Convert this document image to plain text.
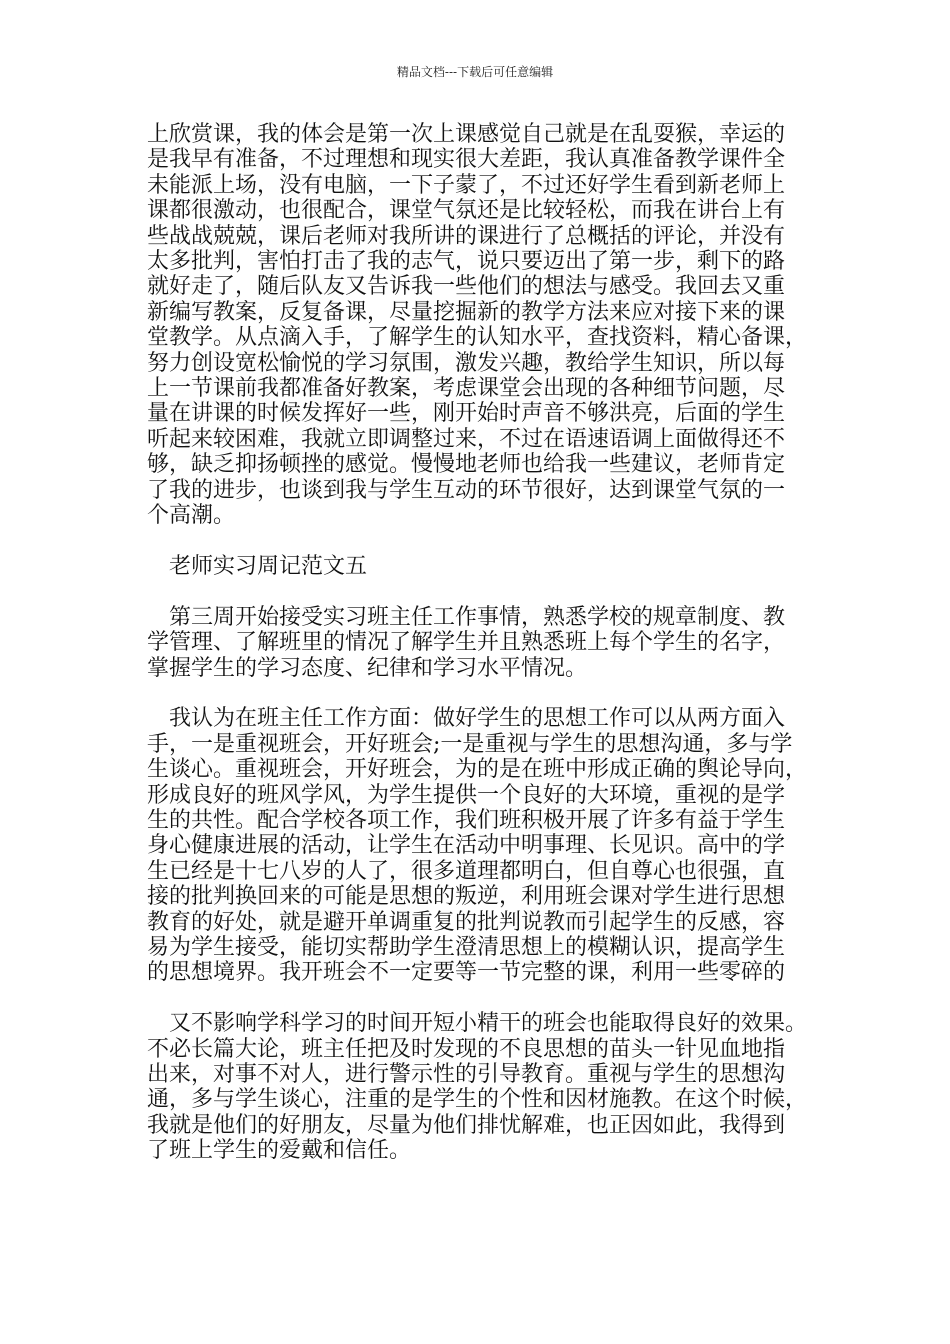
精品文档---下载后可任意编辑
上欣赏课，我的体会是第一次上课感觉自己就是在乱耍猴，幸运的
是我早有准备，不过理想和现实很大差距，我认真准备教学课件全
未能派上场，没有电脑，一下子蒙了，不过还好学生看到新老师上
课都很激动，也很配合，课堂气氛还是比较轻松，而我在讲台上有
些战战兢兢，课后老师对我所讲的课进行了总概括的评论，并没有
太多批判，害怕打击了我的志气，说只要迈出了第一步，剩下的路
就好走了，随后队友又告诉我一些他们的想法与感受。我回去又重
新编写教案，反复备课，尽量挖掘新的教学方法来应对接下来的课
堂教学。从点滴入手，了解学生的认知水平，查找资料，精心备课，
努力创设宽松愉悦的学习氛围，激发兴趣，教给学生知识，所以每
上一节课前我都准备好教案，考虑课堂会出现的各种细节问题，尽
量在讲课的时候发挥好一些，刚开始时声音不够洪亮，后面的学生
听起来较困难，我就立即调整过来，不过在语速语调上面做得还不
够，缺乏抑扬顿挫的感觉。慢慢地老师也给我一些建议，老师肯定
了我的进步，也谈到我与学生互动的环节很好，达到课堂气氛的一
个高潮。
　老师实习周记范文五
　第三周开始接受实习班主任工作事情，熟悉学校的规章制度、教
学管理、了解班里的情况了解学生并且熟悉班上每个学生的名字，
掌握学生的学习态度、纪律和学习水平情况。
　我认为在班主任工作方面：做好学生的思想工作可以从两方面入
手，一是重视班会，开好班会;一是重视与学生的思想沟通，多与学
生谈心。重视班会，开好班会，为的是在班中形成正确的舆论导向，
形成良好的班风学风，为学生提供一个良好的大环境，重视的是学
生的共性。配合学校各项工作，我们班积极开展了许多有益于学生
身心健康进展的活动，让学生在活动中明事理、长见识。高中的学
生已经是十七八岁的人了，很多道理都明白，但自尊心也很强，直
接的批判换回来的可能是思想的叛逆，利用班会课对学生进行思想
教育的好处，就是避开单调重复的批判说教而引起学生的反感，容
易为学生接受，能切实帮助学生澄清思想上的模糊认识，提高学生
的思想境界。我开班会不一定要等一节完整的课，利用一些零碎的
　又不影响学科学习的时间开短小精干的班会也能取得良好的效果。
不必长篇大论，班主任把及时发现的不良思想的苗头一针见血地指
出来，对事不对人，进行警示性的引导教育。重视与学生的思想沟
通，多与学生谈心，注重的是学生的个性和因材施教。在这个时候，
我就是他们的好朋友，尽量为他们排忧解难，也正因如此，我得到
了班上学生的爱戴和信任。
